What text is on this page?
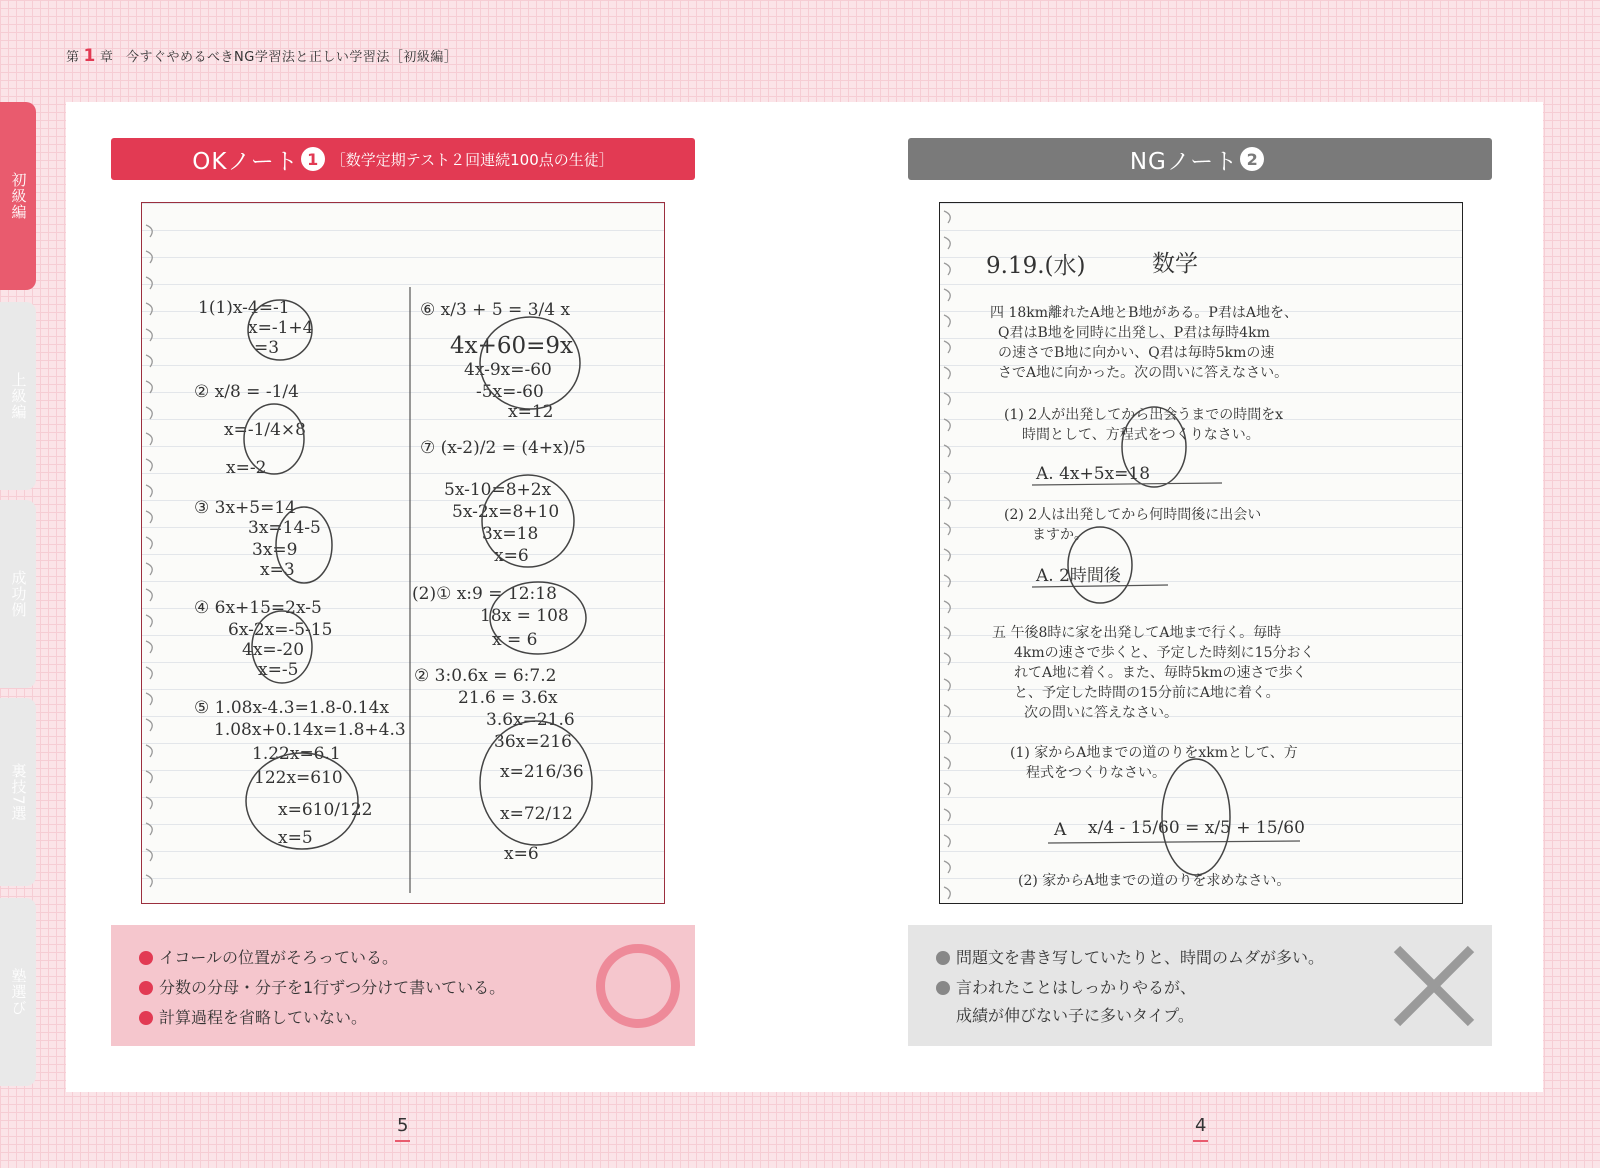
第 1 章 今すぐやめるべきNG学習法と正しい学習法［初級編］
初級編
上級編
成功例
裏技7選
塾選び
OKノート 1 ［数学定期テスト２回連続100点の生徒］	NGノート 2
1(1)x-4=-1
x=-1+4
=3
② x/8 = -1/4
x=-1/4×8
x=-2
③ 3x+5=14
3x=14-5
3x=9
x=3
④ 6x+15=2x-5
6x-2x=-5-15
4x=-20
x=-5
⑤ 1.08x-4.3=1.8-0.14x
1.08x+0.14x=1.8+4.3
1.22x=6.1
122x=610
x=610/122
x=5
⑥ x/3 + 5 = 3/4 x
4x+60=9x
4x-9x=-60
-5x=-60
x=12
⑦ (x-2)/2 = (4+x)/5
5x-10=8+2x
5x-2x=8+10
3x=18
x=6
(2)① x:9 = 12:18
18x = 108
x = 6
② 3:0.6x = 6:7.2
21.6 = 3.6x
3.6x=21.6
36x=216
x=216/36
x=72/12
x=6
9.19.(水)	数学
四 18km離れたA地とB地がある。P君はA地を、
Q君はB地を同時に出発し、P君は毎時4km
の速さでB地に向かい、Q君は毎時5kmの速
さでA地に向かった。次の問いに答えなさい。
(1) 2人が出発してから出会うまでの時間をx
時間として、方程式をつくりなさい。
A. 4x+5x=18
(2) 2人は出発してから何時間後に出会い
ますか。
A. 2時間後
五 午後8時に家を出発してA地まで行く。毎時
4kmの速さで歩くと、予定した時刻に15分おく
れてA地に着く。また、毎時5kmの速さで歩く
と、予定した時間の15分前にA地に着く。
次の問いに答えなさい。
(1) 家からA地までの道のりをxkmとして、方
程式をつくりなさい。
A x/4 - 15/60 = x/5 + 15/60
(2) 家からA地までの道のりを求めなさい。
イコールの位置がそろっている。
分数の分母・分子を1行ずつ分けて書いている。
計算過程を省略していない。
問題文を書き写していたりと、時間のムダが多い。
言われたことはしっかりやるが、
成績が伸びない子に多いタイプ。
5	4
